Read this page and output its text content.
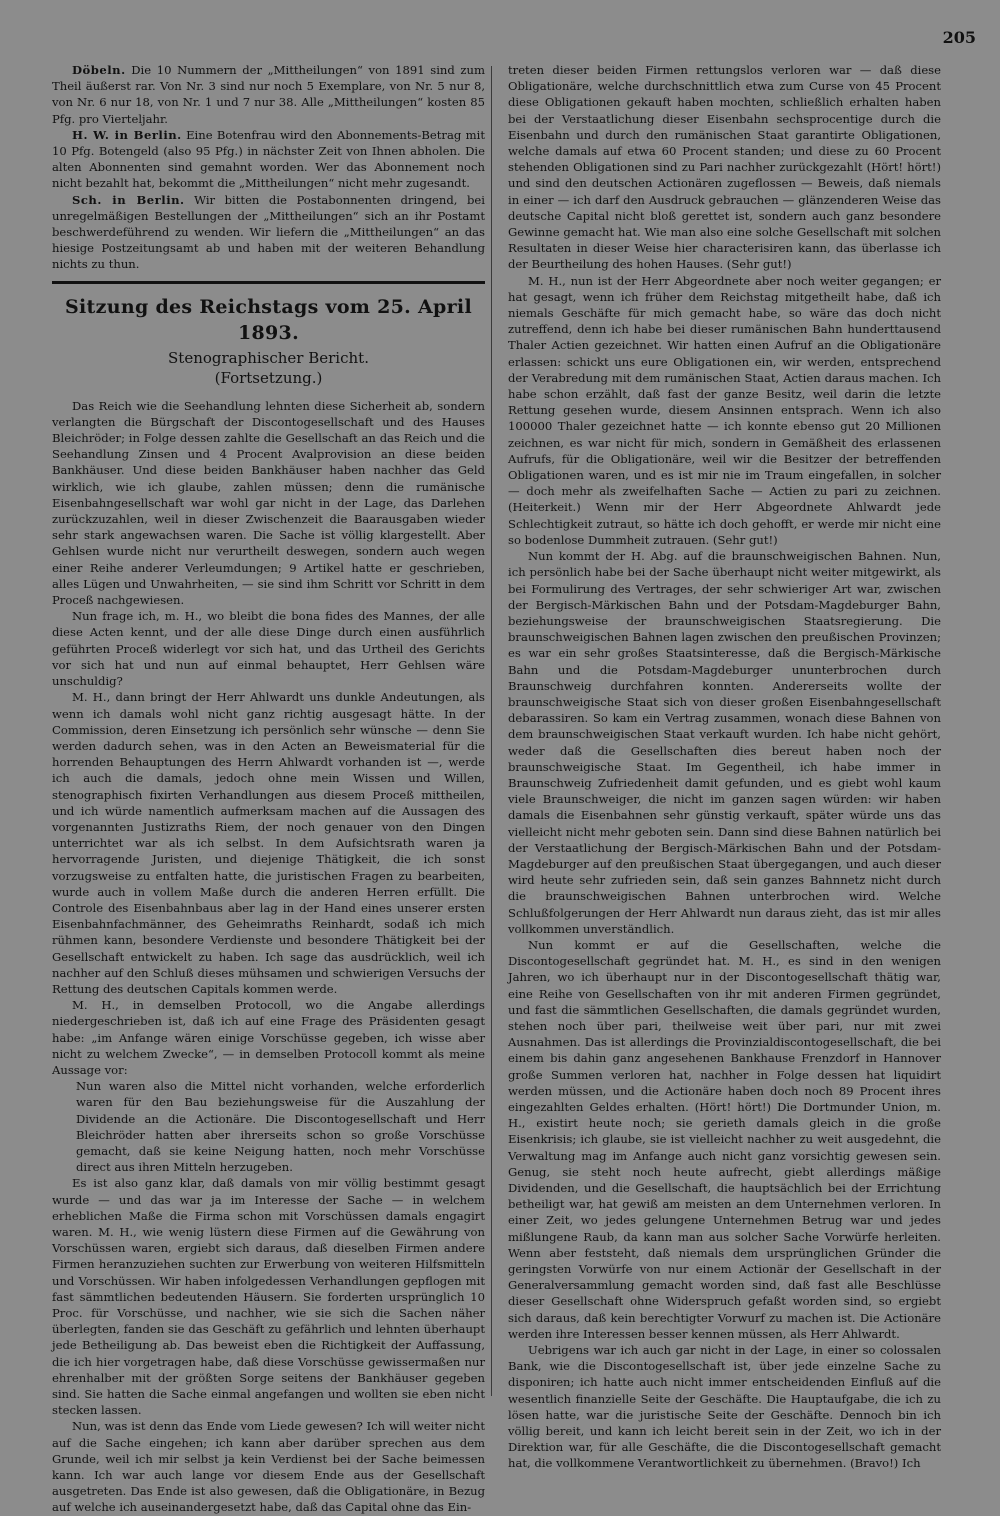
205

Döbeln. Die 10 Nummern der „Mittheilungen“ von 1891 sind zum Theil äußerst rar. Von Nr. 3 sind nur noch 5 Exemplare, von Nr. 5 nur 8, von Nr. 6 nur 18, von Nr. 1 und 7 nur 38. Alle „Mittheilungen“ kosten 85 Pfg. pro Vierteljahr.

H. W. in Berlin. Eine Botenfrau wird den Abonnements-Betrag mit 10 Pfg. Botengeld (also 95 Pfg.) in nächster Zeit von Ihnen abholen. Die alten Abonnenten sind gemahnt worden. Wer das Abonnement noch nicht bezahlt hat, bekommt die „Mittheilungen“ nicht mehr zugesandt.

Sch. in Berlin. Wir bitten die Postabonnenten dringend, bei unregelmäßigen Bestellungen der „Mittheilungen“ sich an ihr Postamt beschwerdeführend zu wenden. Wir liefern die „Mittheilungen“ an das hiesige Postzeitungsamt ab und haben mit der weiteren Behandlung nichts zu thun.

Sitzung des Reichstags vom 25. April 1893.
Stenographischer Bericht.
(Fortsetzung.)

Das Reich wie die Seehandlung lehnten diese Sicherheit ab, sondern verlangten die Bürgschaft der Discontogesellschaft und des Hauses Bleichröder; in Folge dessen zahlte die Gesellschaft an das Reich und die Seehandlung Zinsen und 4 Procent Avalprovision an diese beiden Bankhäuser. Und diese beiden Bankhäuser haben nachher das Geld wirklich, wie ich glaube, zahlen müssen; denn die rumänische Eisenbahngesellschaft war wohl gar nicht in der Lage, das Darlehen zurückzuzahlen, weil in dieser Zwischenzeit die Baarausgaben wieder sehr stark angewachsen waren. Die Sache ist völlig klargestellt. Aber Gehlsen wurde nicht nur verurtheilt deswegen, sondern auch wegen einer Reihe anderer Verleumdungen; 9 Artikel hatte er geschrieben, alles Lügen und Unwahrheiten, — sie sind ihm Schritt vor Schritt in dem Proceß nachgewiesen.

Nun frage ich, m. H., wo bleibt die bona fides des Mannes, der alle diese Acten kennt, und der alle diese Dinge durch einen ausführlich geführten Proceß widerlegt vor sich hat, und das Urtheil des Gerichts vor sich hat und nun auf einmal behauptet, Herr Gehlsen wäre unschuldig?

M. H., dann bringt der Herr Ahlwardt uns dunkle Andeutungen, als wenn ich damals wohl nicht ganz richtig ausgesagt hätte. In der Commission, deren Einsetzung ich persönlich sehr wünsche — denn Sie werden dadurch sehen, was in den Acten an Beweismaterial für die horrenden Behauptungen des Herrn Ahlwardt vorhanden ist —, werde ich auch die damals, jedoch ohne mein Wissen und Willen, stenographisch fixirten Verhandlungen aus diesem Proceß mittheilen, und ich würde namentlich aufmerksam machen auf die Aussagen des vorgenannten Justizraths Riem, der noch genauer von den Dingen unterrichtet war als ich selbst. In dem Aufsichtsrath waren ja hervorragende Juristen, und diejenige Thätigkeit, die ich sonst vorzugsweise zu entfalten hatte, die juristischen Fragen zu bearbeiten, wurde auch in vollem Maße durch die anderen Herren erfüllt. Die Controle des Eisenbahnbaus aber lag in der Hand eines unserer ersten Eisenbahnfachmänner, des Geheimraths Reinhardt, sodaß ich mich rühmen kann, besondere Verdienste und besondere Thätigkeit bei der Gesellschaft entwickelt zu haben. Ich sage das ausdrücklich, weil ich nachher auf den Schluß dieses mühsamen und schwierigen Versuchs der Rettung des deutschen Capitals kommen werde.

M. H., in demselben Protocoll, wo die Angabe allerdings niedergeschrieben ist, daß ich auf eine Frage des Präsidenten gesagt habe: „im Anfange wären einige Vorschüsse gegeben, ich wisse aber nicht zu welchem Zwecke“, — in demselben Protocoll kommt als meine Aussage vor:

Nun waren also die Mittel nicht vorhanden, welche erforderlich waren für den Bau beziehungsweise für die Auszahlung der Dividende an die Actionäre. Die Discontogesellschaft und Herr Bleichröder hatten aber ihrerseits schon so große Vorschüsse gemacht, daß sie keine Neigung hatten, noch mehr Vorschüsse direct aus ihren Mitteln herzugeben.

Es ist also ganz klar, daß damals von mir völlig bestimmt gesagt wurde — und das war ja im Interesse der Sache — in welchem erheblichen Maße die Firma schon mit Vorschüssen damals engagirt waren. M. H., wie wenig lüstern diese Firmen auf die Gewährung von Vorschüssen waren, ergiebt sich daraus, daß dieselben Firmen andere Firmen heranzuziehen suchten zur Erwerbung von weiteren Hilfsmitteln und Vorschüssen. Wir haben infolgedessen Verhandlungen gepflogen mit fast sämmtlichen bedeutenden Häusern. Sie forderten ursprünglich 10 Proc. für Vorschüsse, und nachher, wie sie sich die Sachen näher überlegten, fanden sie das Geschäft zu gefährlich und lehnten überhaupt jede Betheiligung ab. Das beweist eben die Richtigkeit der Auffassung, die ich hier vorgetragen habe, daß diese Vorschüsse gewissermaßen nur ehrenhalber mit der größten Sorge seitens der Bankhäuser gegeben sind. Sie hatten die Sache einmal angefangen und wollten sie eben nicht stecken lassen.

Nun, was ist denn das Ende vom Liede gewesen? Ich will weiter nicht auf die Sache eingehen; ich kann aber darüber sprechen aus dem Grunde, weil ich mir selbst ja kein Verdienst bei der Sache beimessen kann. Ich war auch lange vor diesem Ende aus der Gesellschaft ausgetreten. Das Ende ist also gewesen, daß die Obligationäre, in Bezug auf welche ich auseinandergesetzt habe, daß das Capital ohne das Ein-

treten dieser beiden Firmen rettungslos verloren war — daß diese Obligationäre, welche durchschnittlich etwa zum Curse von 45 Procent diese Obligationen gekauft haben mochten, schließlich erhalten haben bei der Verstaatlichung dieser Eisenbahn sechsprocentige durch die Eisenbahn und durch den rumänischen Staat garantirte Obligationen, welche damals auf etwa 60 Procent standen; und diese zu 60 Procent stehenden Obligationen sind zu Pari nachher zurückgezahlt (Hört! hört!) und sind den deutschen Actionären zugeflossen — Beweis, daß niemals in einer — ich darf den Ausdruck gebrauchen — glänzenderen Weise das deutsche Capital nicht bloß gerettet ist, sondern auch ganz besondere Gewinne gemacht hat. Wie man also eine solche Gesellschaft mit solchen Resultaten in dieser Weise hier characterisiren kann, das überlasse ich der Beurtheilung des hohen Hauses. (Sehr gut!)

M. H., nun ist der Herr Abgeordnete aber noch weiter gegangen; er hat gesagt, wenn ich früher dem Reichstag mitgetheilt habe, daß ich niemals Geschäfte für mich gemacht habe, so wäre das doch nicht zutreffend, denn ich habe bei dieser rumänischen Bahn hunderttausend Thaler Actien gezeichnet. Wir hatten einen Aufruf an die Obligationäre erlassen: schickt uns eure Obligationen ein, wir werden, entsprechend der Verabredung mit dem rumänischen Staat, Actien daraus machen. Ich habe schon erzählt, daß fast der ganze Besitz, weil darin die letzte Rettung gesehen wurde, diesem Ansinnen entsprach. Wenn ich also 100000 Thaler gezeichnet hatte — ich konnte ebenso gut 20 Millionen zeichnen, es war nicht für mich, sondern in Gemäßheit des erlassenen Aufrufs, für die Obligationäre, weil wir die Besitzer der betreffenden Obligationen waren, und es ist mir nie im Traum eingefallen, in solcher — doch mehr als zweifelhaften Sache — Actien zu pari zu zeichnen. (Heiterkeit.) Wenn mir der Herr Abgeordnete Ahlwardt jede Schlechtigkeit zutraut, so hätte ich doch gehofft, er werde mir nicht eine so bodenlose Dummheit zutrauen. (Sehr gut!)

Nun kommt der H. Abg. auf die braunschweigischen Bahnen. Nun, ich persönlich habe bei der Sache überhaupt nicht weiter mitgewirkt, als bei Formulirung des Vertrages, der sehr schwieriger Art war, zwischen der Bergisch-Märkischen Bahn und der Potsdam-Magdeburger Bahn, beziehungsweise der braunschweigischen Staatsregierung. Die braunschweigischen Bahnen lagen zwischen den preußischen Provinzen; es war ein sehr großes Staatsinteresse, daß die Bergisch-Märkische Bahn und die Potsdam-Magdeburger ununterbrochen durch Braunschweig durchfahren konnten. Andererseits wollte der braunschweigische Staat sich von dieser großen Eisenbahngesellschaft debarassiren. So kam ein Vertrag zusammen, wonach diese Bahnen von dem braunschweigischen Staat verkauft wurden. Ich habe nicht gehört, weder daß die Gesellschaften dies bereut haben noch der braunschweigische Staat. Im Gegentheil, ich habe immer in Braunschweig Zufriedenheit damit gefunden, und es giebt wohl kaum viele Braunschweiger, die nicht im ganzen sagen würden: wir haben damals die Eisenbahnen sehr günstig verkauft, später würde uns das vielleicht nicht mehr geboten sein. Dann sind diese Bahnen natürlich bei der Verstaatlichung der Bergisch-Märkischen Bahn und der Potsdam-Magdeburger auf den preußischen Staat übergegangen, und auch dieser wird heute sehr zufrieden sein, daß sein ganzes Bahnnetz nicht durch die braunschweigischen Bahnen unterbrochen wird. Welche Schlußfolgerungen der Herr Ahlwardt nun daraus zieht, das ist mir alles vollkommen unverständlich.

Nun kommt er auf die Gesellschaften, welche die Discontogesellschaft gegründet hat. M. H., es sind in den wenigen Jahren, wo ich überhaupt nur in der Discontogesellschaft thätig war, eine Reihe von Gesellschaften von ihr mit anderen Firmen gegründet, und fast die sämmtlichen Gesellschaften, die damals gegründet wurden, stehen noch über pari, theilweise weit über pari, nur mit zwei Ausnahmen. Das ist allerdings die Provinzialdiscontogesellschaft, die bei einem bis dahin ganz angesehenen Bankhause Frenzdorf in Hannover große Summen verloren hat, nachher in Folge dessen hat liquidirt werden müssen, und die Actionäre haben doch noch 89 Procent ihres eingezahlten Geldes erhalten. (Hört! hört!) Die Dortmunder Union, m. H., existirt heute noch; sie gerieth damals gleich in die große Eisenkrisis; ich glaube, sie ist vielleicht nachher zu weit ausgedehnt, die Verwaltung mag im Anfange auch nicht ganz vorsichtig gewesen sein. Genug, sie steht noch heute aufrecht, giebt allerdings mäßige Dividenden, und die Gesellschaft, die hauptsächlich bei der Errichtung betheiligt war, hat gewiß am meisten an dem Unternehmen verloren. In einer Zeit, wo jedes gelungene Unternehmen Betrug war und jedes mißlungene Raub, da kann man aus solcher Sache Vorwürfe herleiten. Wenn aber feststeht, daß niemals dem ursprünglichen Gründer die geringsten Vorwürfe von nur einem Actionär der Gesellschaft in der Generalversammlung gemacht worden sind, daß fast alle Beschlüsse dieser Gesellschaft ohne Widerspruch gefaßt worden sind, so ergiebt sich daraus, daß kein berechtigter Vorwurf zu machen ist. Die Actionäre werden ihre Interessen besser kennen müssen, als Herr Ahlwardt.

Uebrigens war ich auch gar nicht in der Lage, in einer so colossalen Bank, wie die Discontogesellschaft ist, über jede einzelne Sache zu disponiren; ich hatte auch nicht immer entscheidenden Einfluß auf die wesentlich finanzielle Seite der Geschäfte. Die Hauptaufgabe, die ich zu lösen hatte, war die juristische Seite der Geschäfte. Dennoch bin ich völlig bereit, und kann ich leicht bereit sein in der Zeit, wo ich in der Direktion war, für alle Geschäfte, die die Discontogesellschaft gemacht hat, die vollkommene Verantwortlichkeit zu übernehmen. (Bravo!) Ich
